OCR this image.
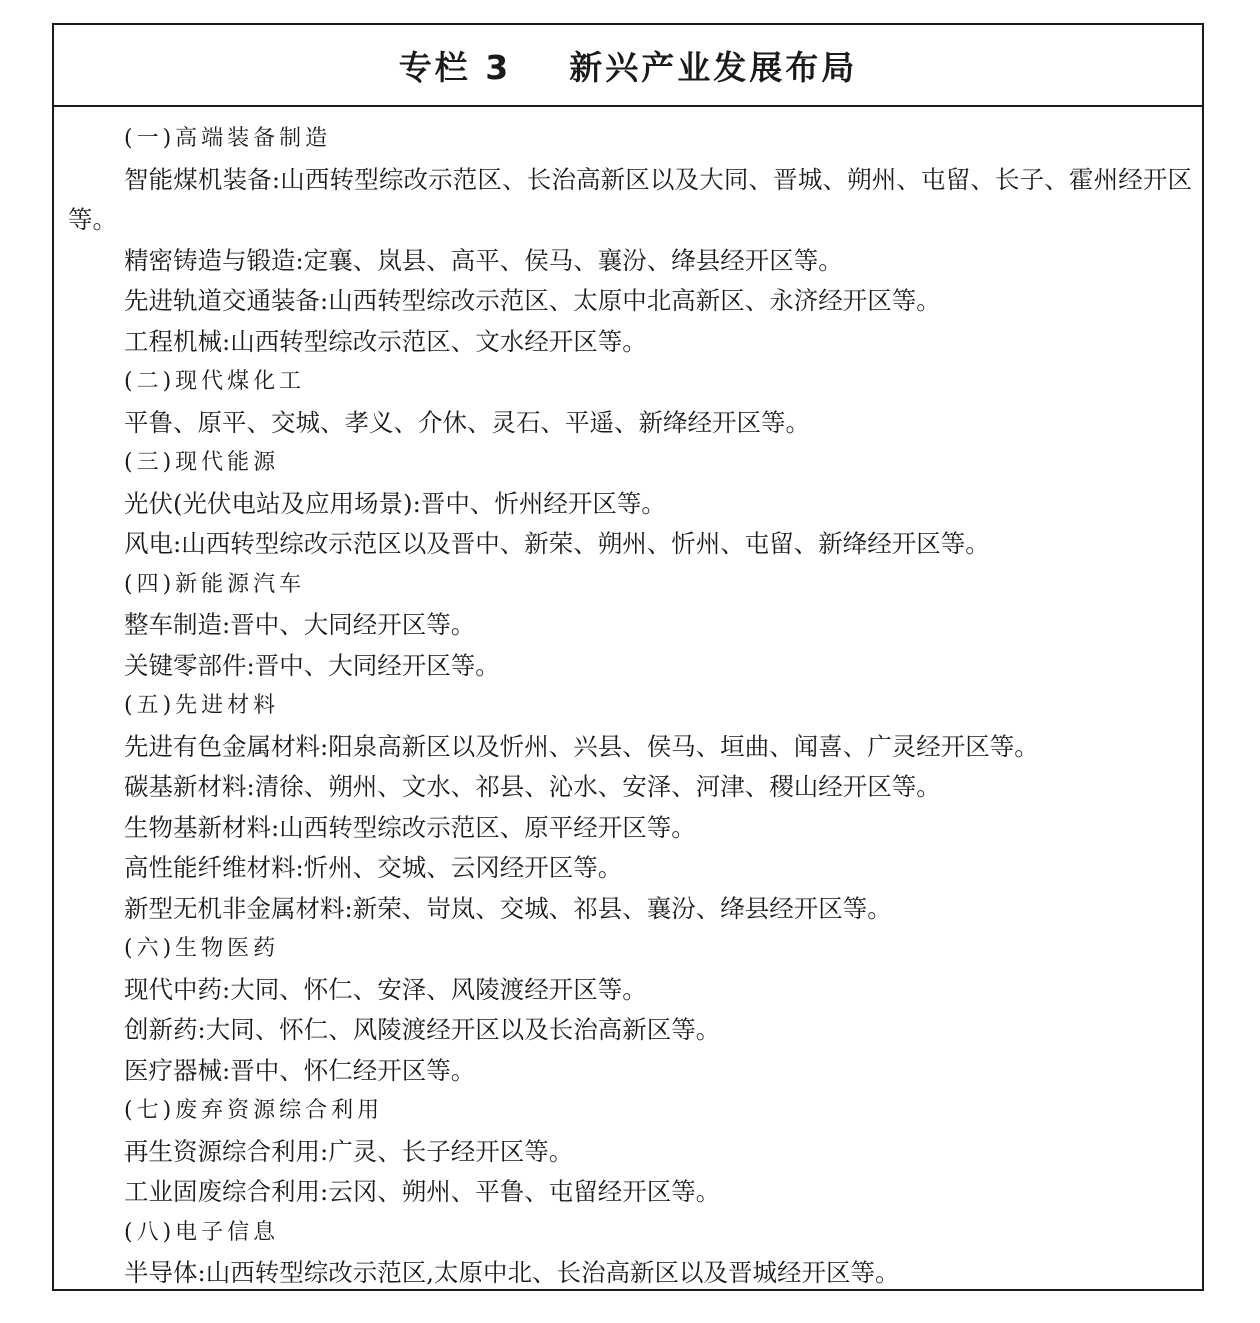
专栏 3    新兴产业发展布局
(一)高端装备制造
智能煤机装备:山西转型综改示范区、长治高新区以及大同、晋城、朔州、屯留、长子、霍州经开区等。
精密铸造与锻造:定襄、岚县、高平、侯马、襄汾、绛县经开区等。
先进轨道交通装备:山西转型综改示范区、太原中北高新区、永济经开区等。
工程机械:山西转型综改示范区、文水经开区等。
(二)现代煤化工
平鲁、原平、交城、孝义、介休、灵石、平遥、新绛经开区等。
(三)现代能源
光伏(光伏电站及应用场景):晋中、忻州经开区等。
风电:山西转型综改示范区以及晋中、新荣、朔州、忻州、屯留、新绛经开区等。
(四)新能源汽车
整车制造:晋中、大同经开区等。
关键零部件:晋中、大同经开区等。
(五)先进材料
先进有色金属材料:阳泉高新区以及忻州、兴县、侯马、垣曲、闻喜、广灵经开区等。
碳基新材料:清徐、朔州、文水、祁县、沁水、安泽、河津、稷山经开区等。
生物基新材料:山西转型综改示范区、原平经开区等。
高性能纤维材料:忻州、交城、云冈经开区等。
新型无机非金属材料:新荣、岢岚、交城、祁县、襄汾、绛县经开区等。
(六)生物医药
现代中药:大同、怀仁、安泽、风陵渡经开区等。
创新药:大同、怀仁、风陵渡经开区以及长治高新区等。
医疗器械:晋中、怀仁经开区等。
(七)废弃资源综合利用
再生资源综合利用:广灵、长子经开区等。
工业固废综合利用:云冈、朔州、平鲁、屯留经开区等。
(八)电子信息
半导体:山西转型综改示范区,太原中北、长治高新区以及晋城经开区等。
